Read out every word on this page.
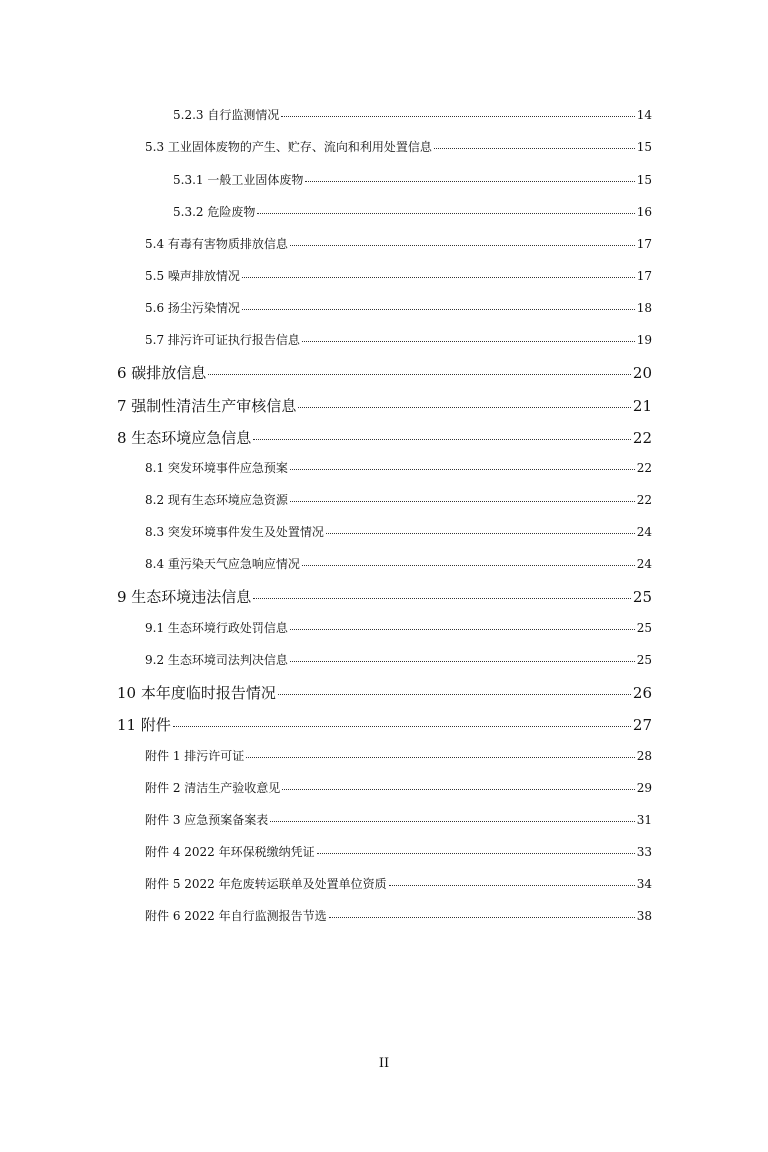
5.2.3 自行监测情况	14
5.3 工业固体废物的产生、贮存、流向和利用处置信息	15
5.3.1 一般工业固体废物	15
5.3.2 危险废物	16
5.4 有毒有害物质排放信息	17
5.5 噪声排放情况	17
5.6 扬尘污染情况	18
5.7 排污许可证执行报告信息	19
6 碳排放信息	20
7 强制性清洁生产审核信息	21
8 生态环境应急信息	22
8.1 突发环境事件应急预案	22
8.2 现有生态环境应急资源	22
8.3 突发环境事件发生及处置情况	24
8.4 重污染天气应急响应情况	24
9 生态环境违法信息	25
9.1 生态环境行政处罚信息	25
9.2 生态环境司法判决信息	25
10 本年度临时报告情况	26
11 附件	27
附件 1 排污许可证	28
附件 2 清洁生产验收意见	29
附件 3 应急预案备案表	31
附件 4 2022 年环保税缴纳凭证	33
附件 5 2022 年危废转运联单及处置单位资质	34
附件 6 2022 年自行监测报告节选	38
II
